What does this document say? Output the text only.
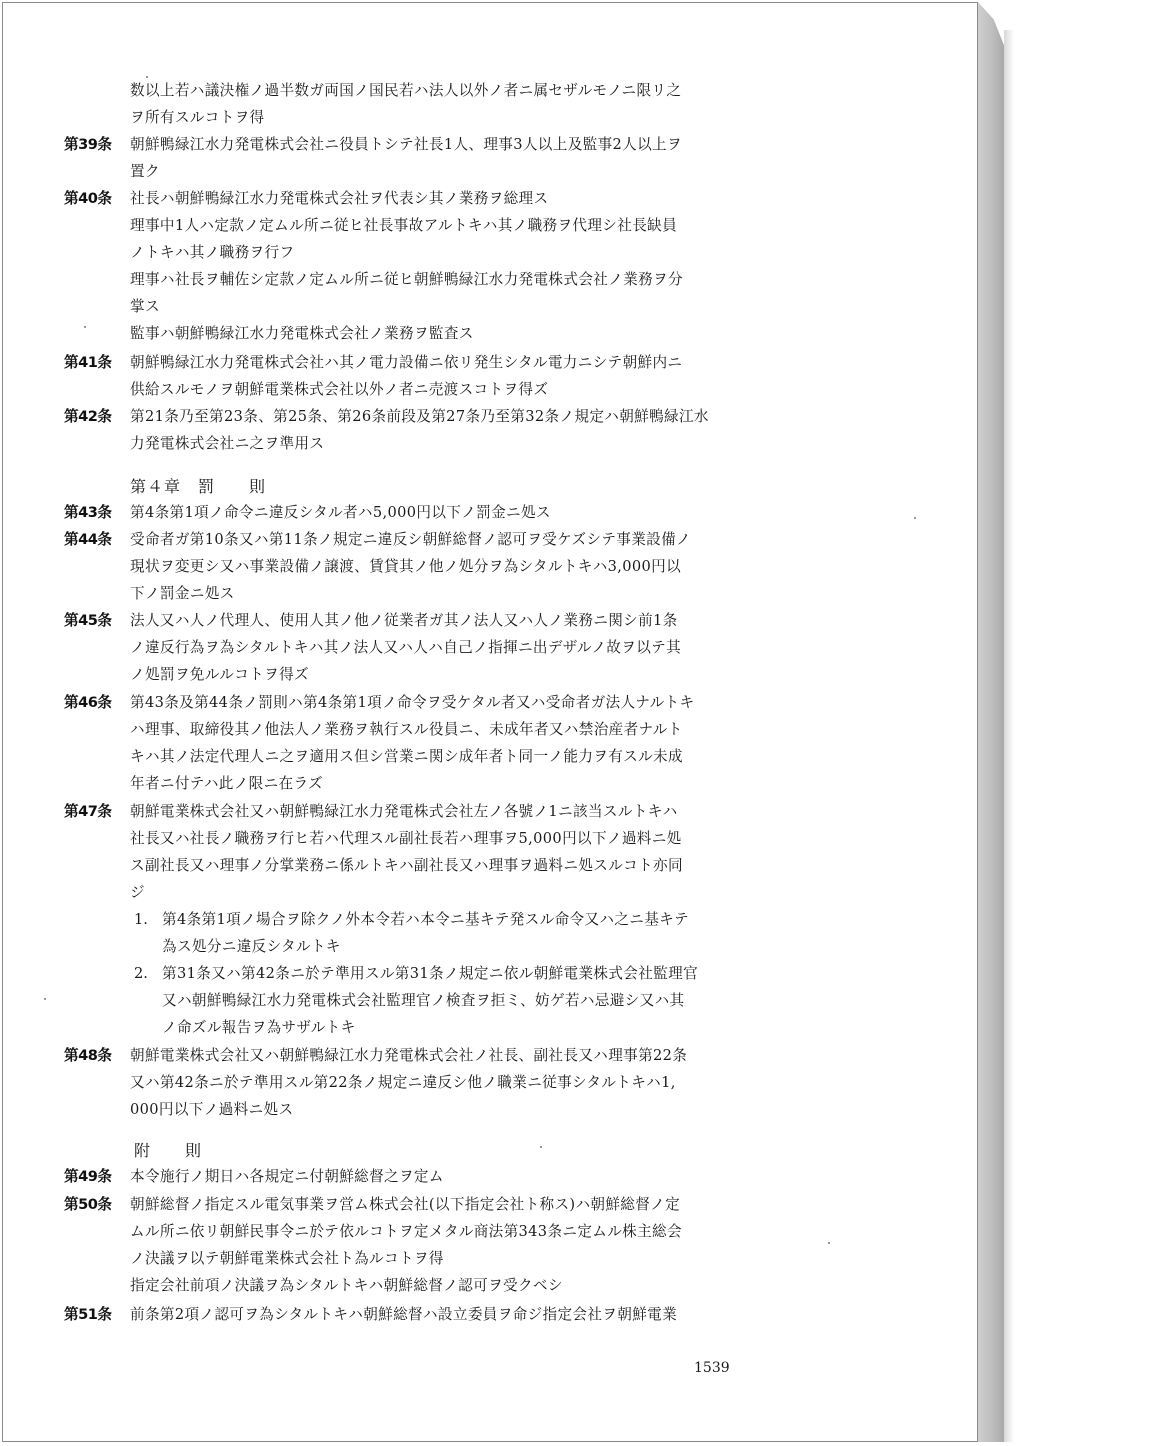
第４章　罰　　則
附　　則
1539
数以上若ハ議決権ノ過半数ガ両国ノ国民若ハ法人以外ノ者ニ属セザルモノニ限リ之
ヲ所有スルコトヲ得
第39条 朝鮮鴨緑江水力発電株式会社ニ役員トシテ社長1人、理事3人以上及監事2人以上ヲ
置ク
第40条 社長ハ朝鮮鴨緑江水力発電株式会社ヲ代表シ其ノ業務ヲ総理ス
理事中1人ハ定款ノ定ムル所ニ従ヒ社長事故アルトキハ其ノ職務ヲ代理シ社長缺員
ノトキハ其ノ職務ヲ行フ
理事ハ社長ヲ輔佐シ定款ノ定ムル所ニ従ヒ朝鮮鴨緑江水力発電株式会社ノ業務ヲ分
掌ス
監事ハ朝鮮鴨緑江水力発電株式会社ノ業務ヲ監査ス
第41条 朝鮮鴨緑江水力発電株式会社ハ其ノ電力設備ニ依リ発生シタル電力ニシテ朝鮮内ニ
供給スルモノヲ朝鮮電業株式会社以外ノ者ニ売渡スコトヲ得ズ
第42条 第21条乃至第23条、第25条、第26条前段及第27条乃至第32条ノ規定ハ朝鮮鴨緑江水
力発電株式会社ニ之ヲ準用ス
第43条 第4条第1項ノ命令ニ違反シタル者ハ5,000円以下ノ罰金ニ処ス
第44条 受命者ガ第10条又ハ第11条ノ規定ニ違反シ朝鮮総督ノ認可ヲ受ケズシテ事業設備ノ
現状ヲ変更シ又ハ事業設備ノ譲渡、賃貸其ノ他ノ処分ヲ為シタルトキハ3,000円以
下ノ罰金ニ処ス
第45条 法人又ハ人ノ代理人、使用人其ノ他ノ従業者ガ其ノ法人又ハ人ノ業務ニ関シ前1条
ノ違反行為ヲ為シタルトキハ其ノ法人又ハ人ハ自己ノ指揮ニ出デザルノ故ヲ以テ其
ノ処罰ヲ免ルルコトヲ得ズ
第46条 第43条及第44条ノ罰則ハ第4条第1項ノ命令ヲ受ケタル者又ハ受命者ガ法人ナルトキ
ハ理事、取締役其ノ他法人ノ業務ヲ執行スル役員ニ、未成年者又ハ禁治産者ナルト
キハ其ノ法定代理人ニ之ヲ適用ス但シ営業ニ関シ成年者ト同一ノ能力ヲ有スル未成
年者ニ付テハ此ノ限ニ在ラズ
第47条 朝鮮電業株式会社又ハ朝鮮鴨緑江水力発電株式会社左ノ各號ノ1ニ該当スルトキハ
社長又ハ社長ノ職務ヲ行ヒ若ハ代理スル副社長若ハ理事ヲ5,000円以下ノ過料ニ処
ス副社長又ハ理事ノ分掌業務ニ係ルトキハ副社長又ハ理事ヲ過料ニ処スルコト亦同
ジ
1. 第4条第1項ノ場合ヲ除クノ外本令若ハ本令ニ基キテ発スル命令又ハ之ニ基キテ
為ス処分ニ違反シタルトキ
2. 第31条又ハ第42条ニ於テ準用スル第31条ノ規定ニ依ル朝鮮電業株式会社監理官
又ハ朝鮮鴨緑江水力発電株式会社監理官ノ検査ヲ拒ミ、妨ゲ若ハ忌避シ又ハ其
ノ命ズル報告ヲ為サザルトキ
第48条 朝鮮電業株式会社又ハ朝鮮鴨緑江水力発電株式会社ノ社長、副社長又ハ理事第22条
又ハ第42条ニ於テ準用スル第22条ノ規定ニ違反シ他ノ職業ニ従事シタルトキハ1,
000円以下ノ過料ニ処ス
第49条 本令施行ノ期日ハ各規定ニ付朝鮮総督之ヲ定ム
第50条 朝鮮総督ノ指定スル電気事業ヲ営ム株式会社(以下指定会社ト称ス)ハ朝鮮総督ノ定
ムル所ニ依リ朝鮮民事令ニ於テ依ルコトヲ定メタル商法第343条ニ定ムル株主総会
ノ決議ヲ以テ朝鮮電業株式会社ト為ルコトヲ得
指定会社前項ノ決議ヲ為シタルトキハ朝鮮総督ノ認可ヲ受クベシ
第51条 前条第2項ノ認可ヲ為シタルトキハ朝鮮総督ハ設立委員ヲ命ジ指定会社ヲ朝鮮電業
